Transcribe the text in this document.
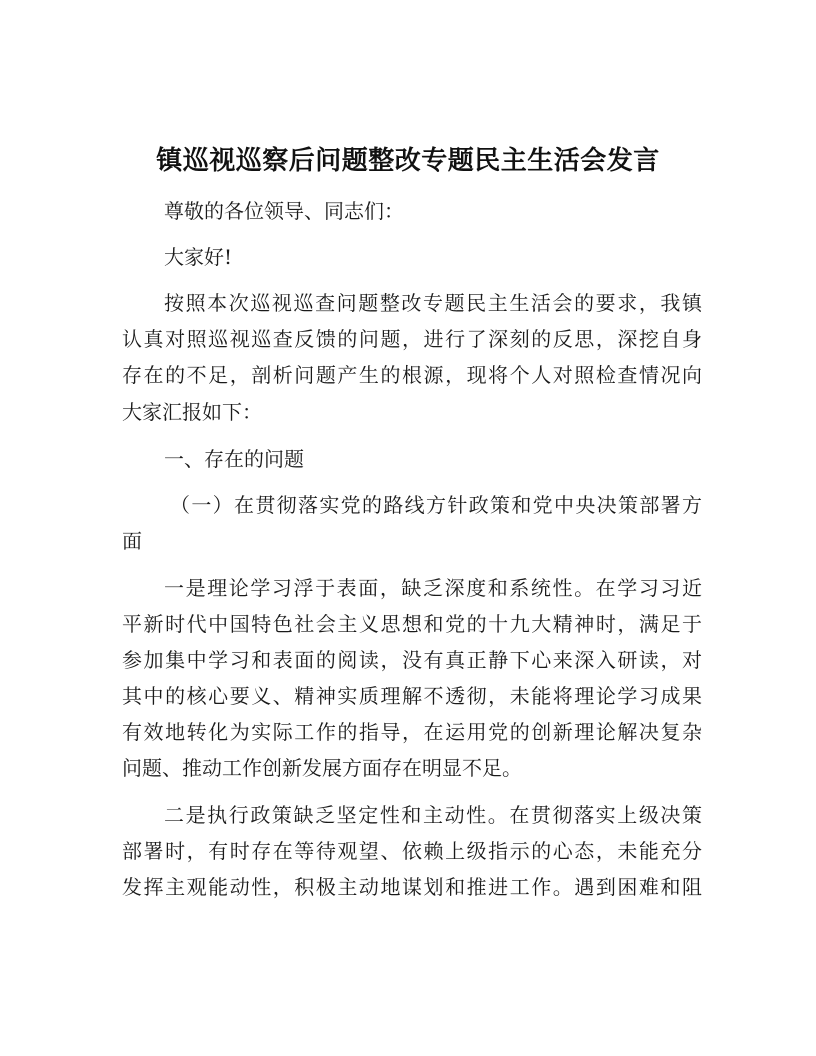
镇巡视巡察后问题整改专题民主生活会发言
尊敬的各位领导、同志们：
大家好!
按照本次巡视巡查问题整改专题民主生活会的要求，我镇
认真对照巡视巡查反馈的问题，进行了深刻的反思，深挖自身
存在的不足，剖析问题产生的根源，现将个人对照检查情况向
大家汇报如下：
一、存在的问题
（一）在贯彻落实党的路线方针政策和党中央决策部署方
面
一是理论学习浮于表面，缺乏深度和系统性。在学习习近
平新时代中国特色社会主义思想和党的十九大精神时，满足于
参加集中学习和表面的阅读，没有真正静下心来深入研读，对
其中的核心要义、精神实质理解不透彻，未能将理论学习成果
有效地转化为实际工作的指导，在运用党的创新理论解决复杂
问题、推动工作创新发展方面存在明显不足。
二是执行政策缺乏坚定性和主动性。在贯彻落实上级决策
部署时，有时存在等待观望、依赖上级指示的心态，未能充分
发挥主观能动性，积极主动地谋划和推进工作。遇到困难和阻
